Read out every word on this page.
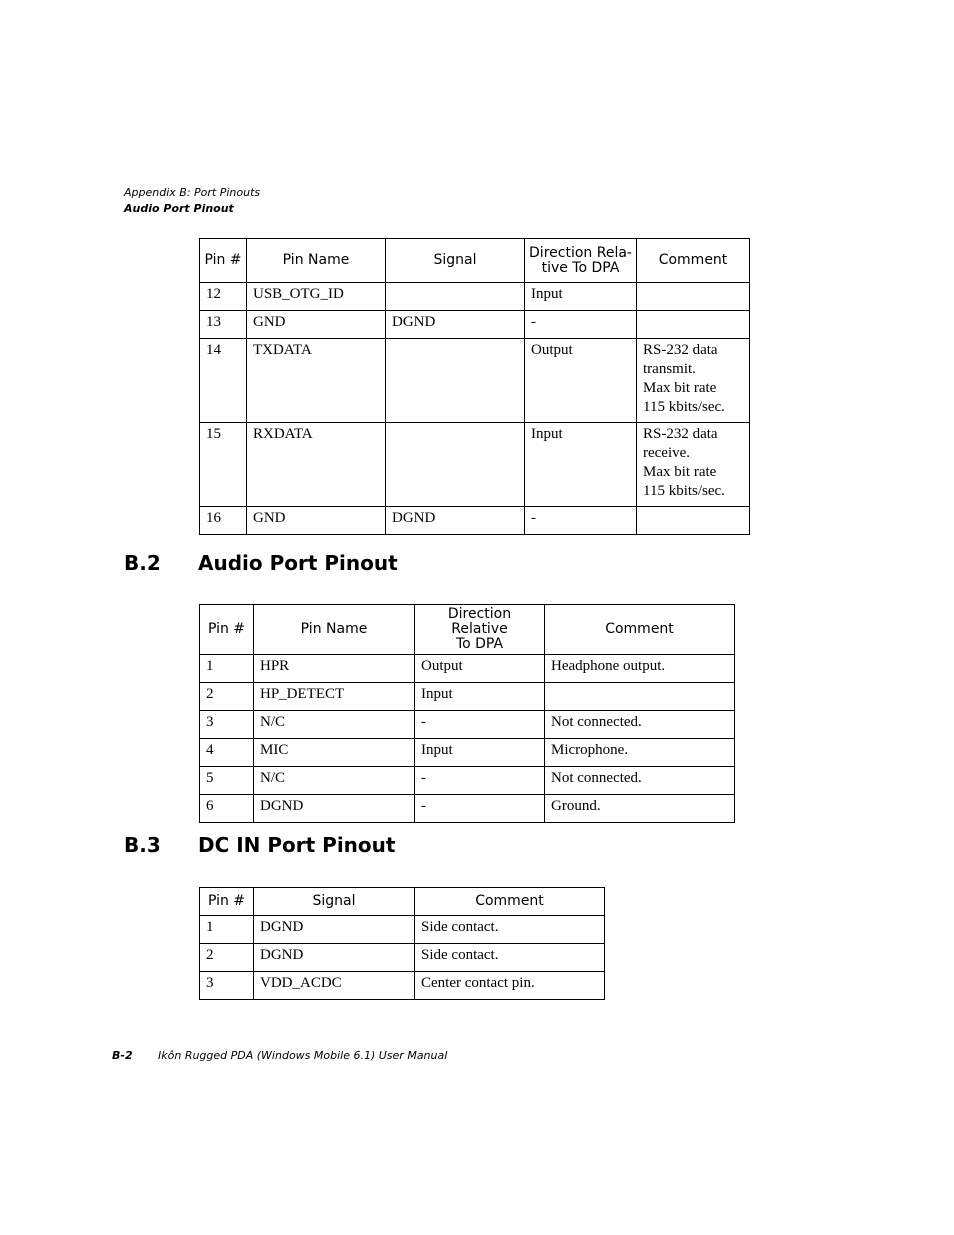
Appendix B: Port Pinouts
Audio Port Pinout
Pin #	Pin Name	Signal	Direction Rela-
tive To DPA	Comment
12	USB_OTG_ID		Input	
13	GND	DGND	-	
14	TXDATA		Output	RS-232 data transmit.
Max bit rate
115 kbits/sec.
15	RXDATA		Input	RS-232 data receive.
Max bit rate
115 kbits/sec.
16	GND	DGND	-	
B.2 Audio Port Pinout
Pin #	Pin Name	Direction Relative
To DPA	Comment
1	HPR	Output	Headphone output.
2	HP_DETECT	Input	
3	N/C	-	Not connected.
4	MIC	Input	Microphone.
5	N/C	-	Not connected.
6	DGND	-	Ground.
B.3 DC IN Port Pinout
Pin #	Signal	Comment
1	DGND	Side contact.
2	DGND	Side contact.
3	VDD_ACDC	Center contact pin.
B-2 Ikôn Rugged PDA (Windows Mobile 6.1) User Manual
